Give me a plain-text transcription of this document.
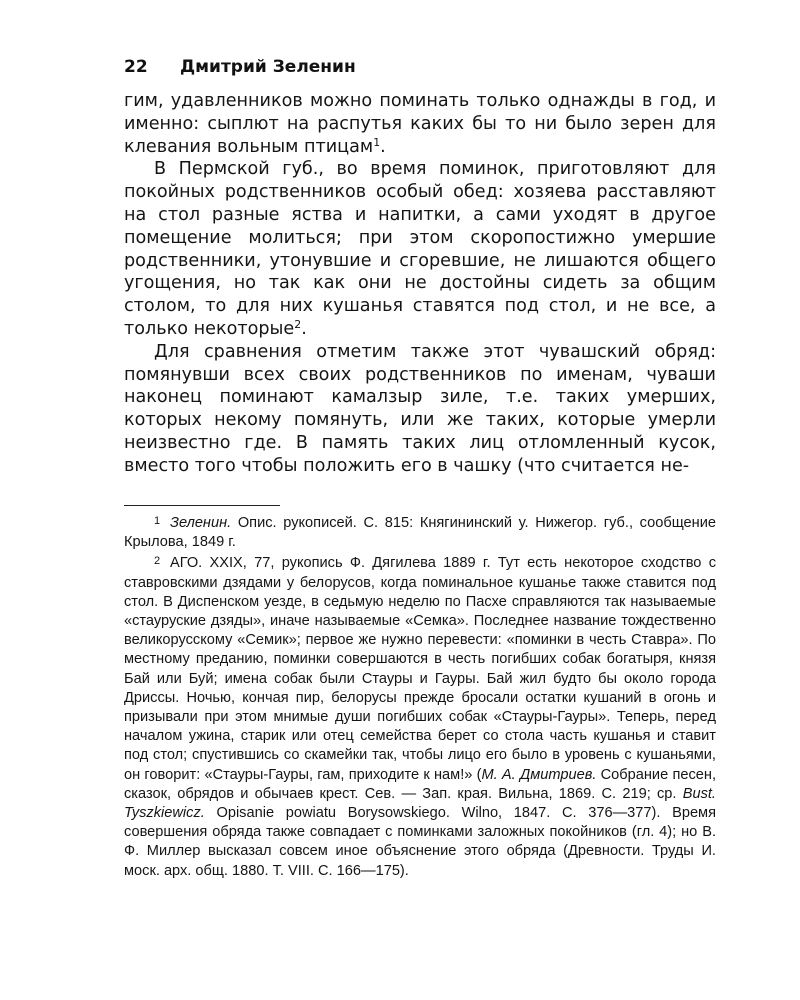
22 Дмитрий Зеленин

гим, удавленников можно поминать только однажды в год, и именно: сыплют на распутья каких бы то ни было зерен для клевания вольным птицам$^1$.

В Пермской губ., во время поминок, приготовляют для покойных родственников особый обед: хозяева расставляют на стол разные яства и напитки, а сами уходят в другое помещение молиться; при этом скоропостижно умершие родственники, утонувшие и сгоревшие, не лишаются общего угощения, но так как они не достойны сидеть за общим столом, то для них кушанья ставятся под стол, и не все, а только некоторые$^2$.

Для сравнения отметим также этот чувашский обряд: помянувши всех своих родственников по именам, чуваши наконец поминают камалзыр зиле, т.е. таких умерших, которых некому помянуть, или же таких, которые умерли неизвестно где. В память таких лиц отломленный кусок, вместо того чтобы положить его в чашку (что считается не-

1 Зеленин. Опис. рукописей. С. 815: Княгининский у. Нижегор. губ., сообщение Крылова, 1849 г.

2 АГО. XXIX, 77, рукопись Ф. Дягилева 1889 г. Тут есть некоторое сходство с ставровскими дзядами у белорусов, когда поминальное кушанье также ставится под стол. В Диспенском уезде, в седьмую неделю по Пасхе справляются так называемые «стауруские дзяды», иначе называемые «Семка». Последнее название тождественно великорусскому «Семик»; первое же нужно перевести: «поминки в честь Ставра». По местному преданию, поминки совершаются в честь погибших собак богатыря, князя Бай или Буй; имена собак были Стауры и Гауры. Бай жил будто бы около города Дриссы. Ночью, кончая пир, белорусы прежде бросали остатки кушаний в огонь и призывали при этом мнимые души погибших собак «Стауры-Гауры». Теперь, перед началом ужина, старик или отец семейства берет со стола часть кушанья и ставит под стол; спустившись со скамейки так, чтобы лицо его было в уровень с кушаньями, он говорит: «Стауры-Гауры, гам, приходите к нам!» (М. А. Дмитриев. Собрание песен, сказок, обрядов и обычаев крест. Сев. — Зап. края. Вильна, 1869. С. 219; ср. Bust. Tyszkiewicz. Opisanie powiatu Borysowskiego. Wilno, 1847. С. 376—377). Время совершения обряда также совпадает с поминками заложных покойников (гл. 4); но В. Ф. Миллер высказал совсем иное объяснение этого обряда (Древности. Труды И. моск. арх. общ. 1880. Т. VIII. С. 166—175).
